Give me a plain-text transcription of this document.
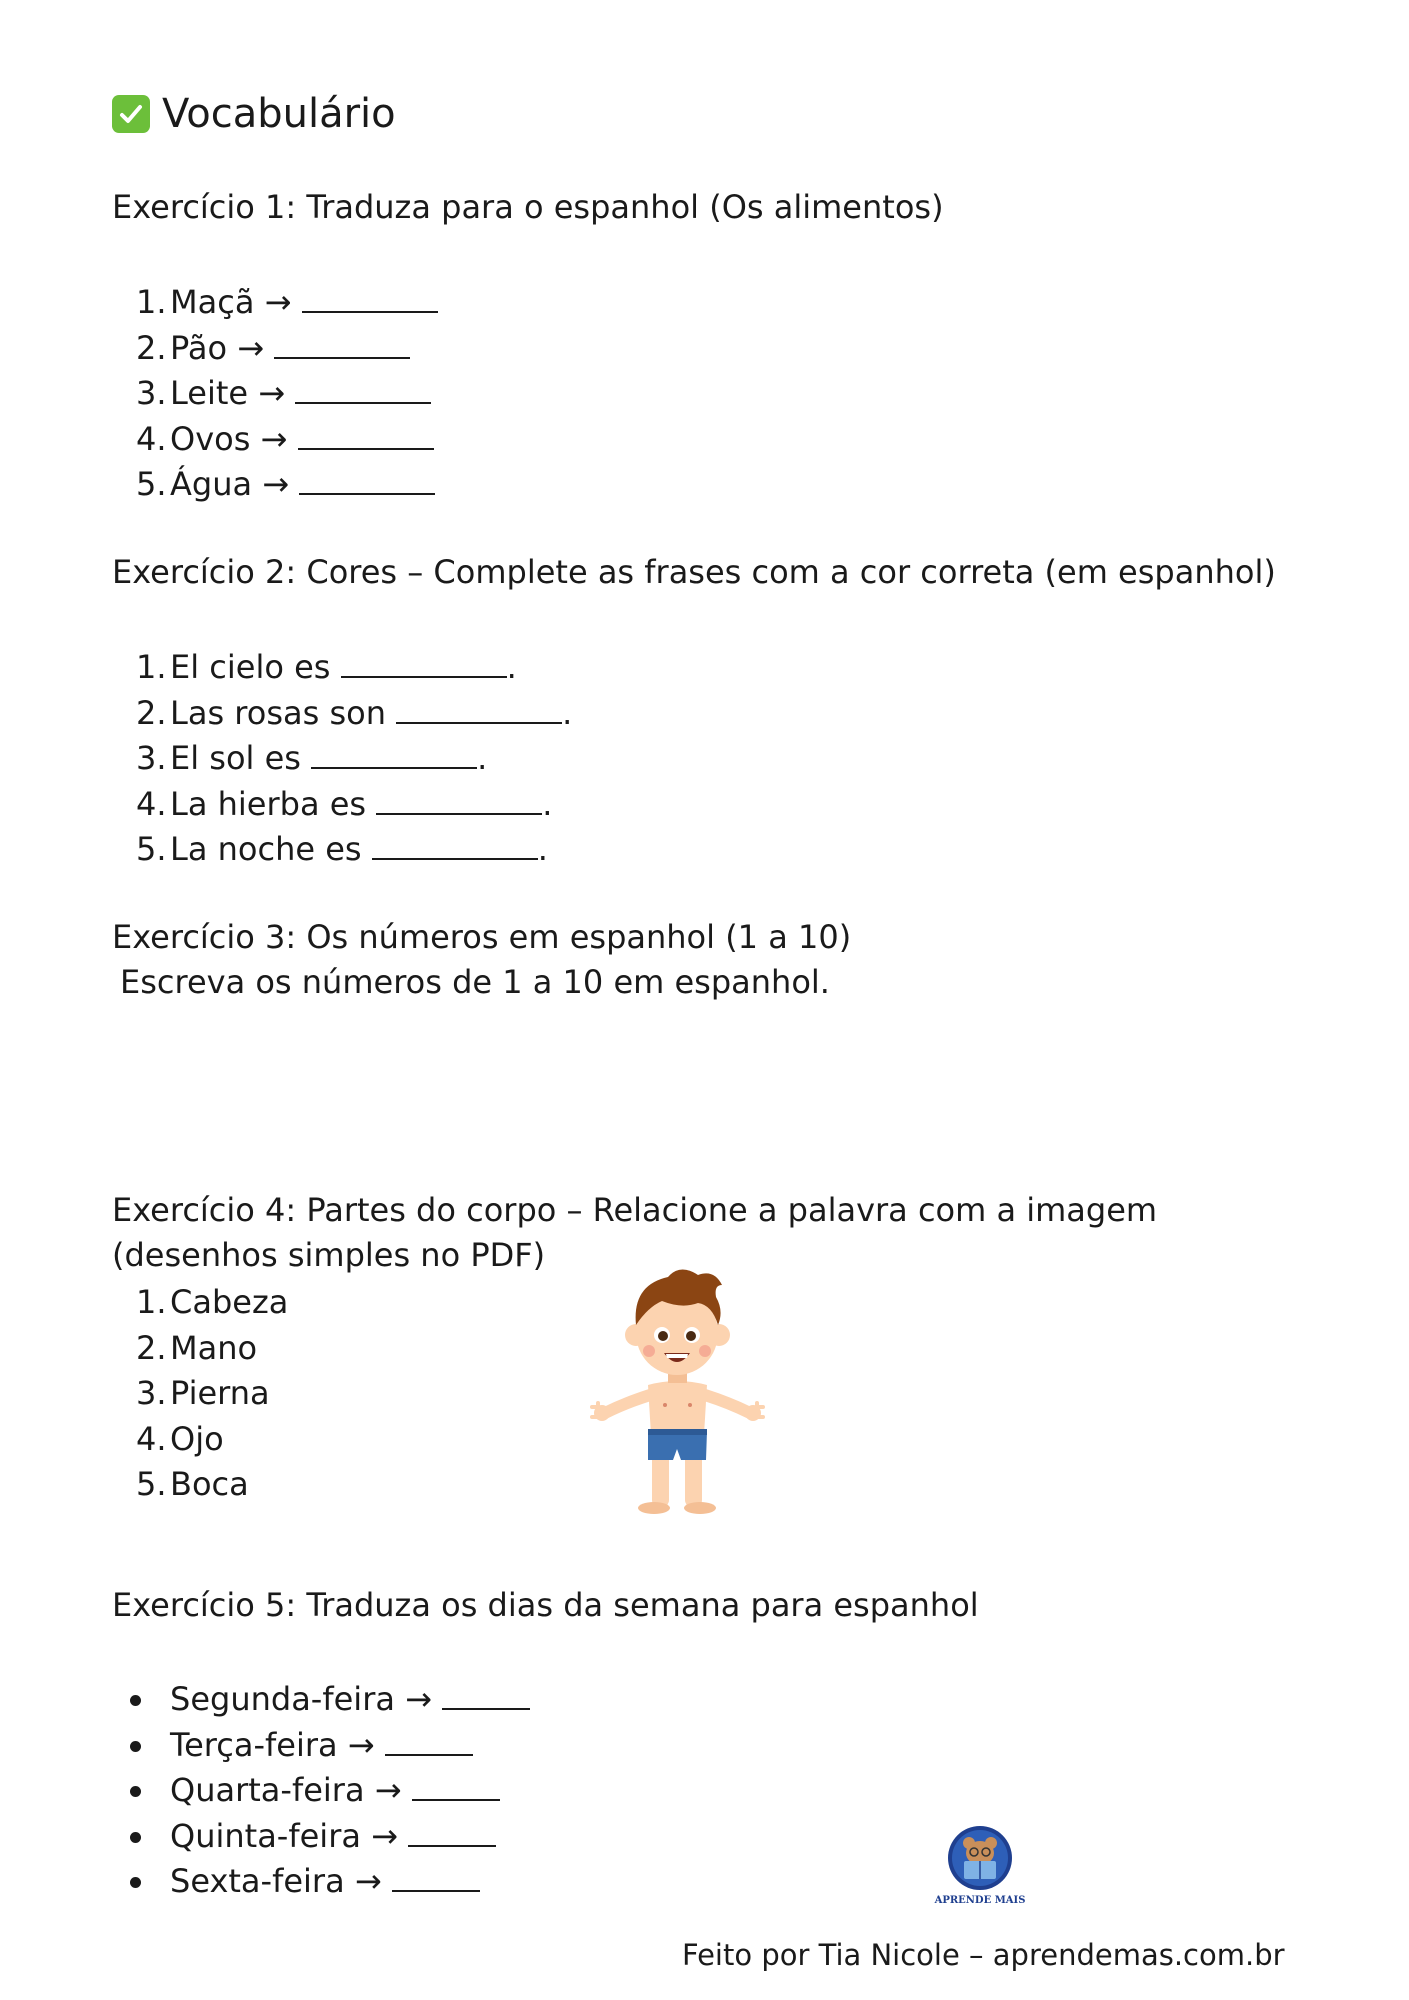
Vocabulário
Exercício 1: Traduza para o espanhol (Os alimentos)
1. Maçã →
2. Pão →
3. Leite →
4. Ovos →
5. Água →
Exercício 2: Cores – Complete as frases com a cor correta (em espanhol)
1. El cielo es	.
2. Las rosas son	.
3. El sol es	.
4. La hierba es	.
5. La noche es	.
Exercício 3: Os números em espanhol (1 a 10)
Escreva os números de 1 a 10 em espanhol.
Exercício 4: Partes do corpo – Relacione a palavra com a imagem (desenhos simples no PDF)
1. Cabeza
2. Mano
3. Pierna
4. Ojo
5. Boca
Exercício 5: Traduza os dias da semana para espanhol
Segunda-feira →
Terça-feira →
Quarta-feira →
Quinta-feira →
Sexta-feira →
APRENDE MAIS
Feito por Tia Nicole – aprendemas.com.br
